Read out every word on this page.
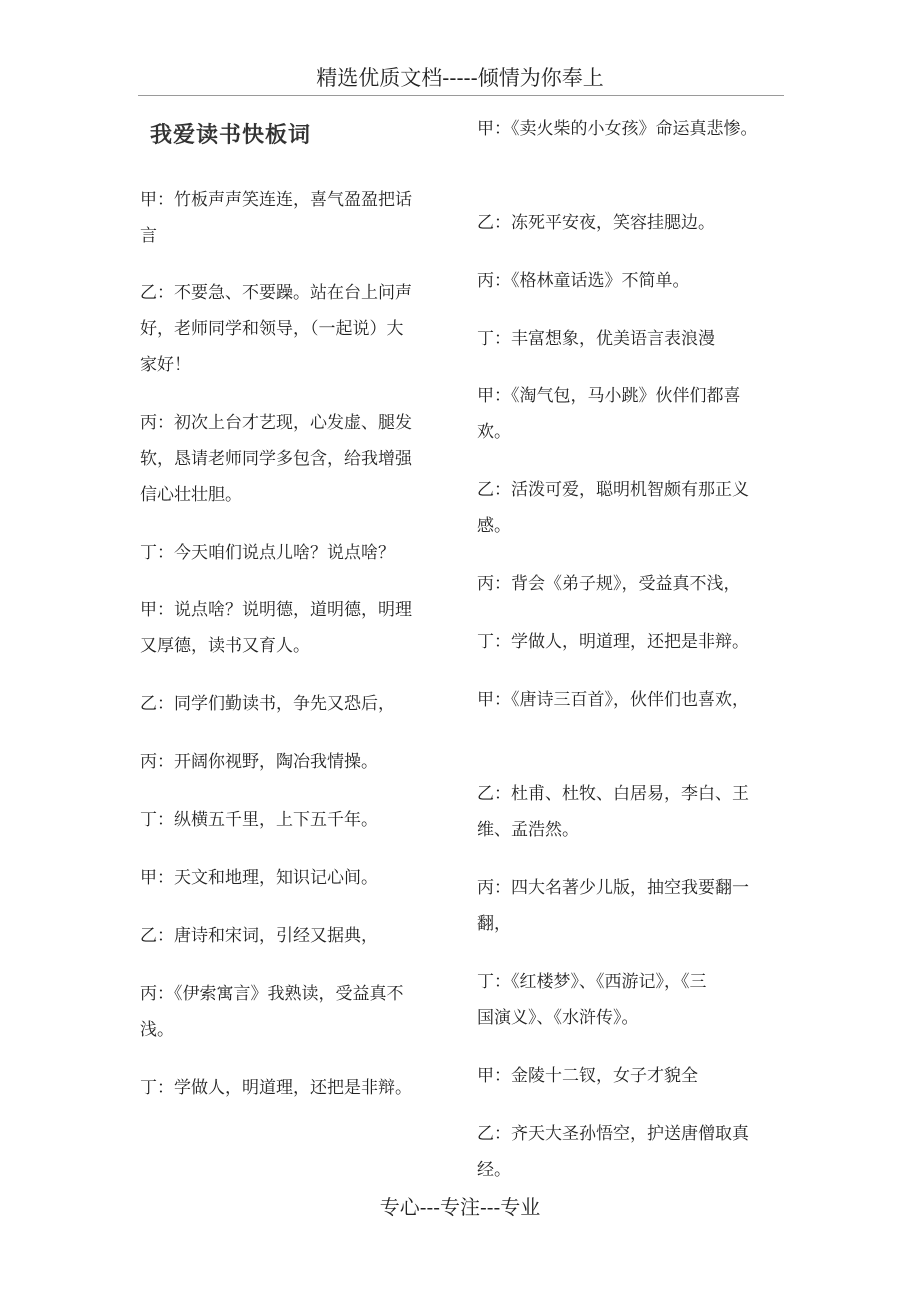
精选优质文档-----倾情为你奉上
我爱读书快板词
甲：竹板声声笑连连，喜气盈盈把话
言
乙：不要急、不要躁。站在台上问声
好，老师同学和领导，（一起说）大
家好！
丙：初次上台才艺现，心发虚、腿发
软，恳请老师同学多包含，给我增强
信心壮壮胆。
丁：今天咱们说点儿啥？说点啥？
甲：说点啥？说明德，道明德，明理
又厚德，读书又育人。
乙：同学们勤读书，争先又恐后，
丙：开阔你视野，陶冶我情操。
丁：纵横五千里，上下五千年。
甲：天文和地理，知识记心间。
乙：唐诗和宋词，引经又据典，
丙：《伊索寓言》我熟读，受益真不
浅。
丁：学做人，明道理，还把是非辩。
甲：《卖火柴的小女孩》命运真悲惨。
乙：冻死平安夜，笑容挂腮边。
丙：《格林童话选》不简单。
丁：丰富想象，优美语言表浪漫
甲：《淘气包，马小跳》伙伴们都喜
欢。
乙：活泼可爱，聪明机智颇有那正义
感。
丙：背会《弟子规》，受益真不浅，
丁：学做人，明道理，还把是非辩。
甲：《唐诗三百首》，伙伴们也喜欢，
乙：杜甫、杜牧、白居易，李白、王
维、孟浩然。
丙：四大名著少儿版，抽空我要翻一
翻，
丁：《红楼梦》、《西游记》，《三
国演义》、《水浒传》。
甲：金陵十二钗，女子才貌全
乙：齐天大圣孙悟空，护送唐僧取真
经。
专心---专注---专业
